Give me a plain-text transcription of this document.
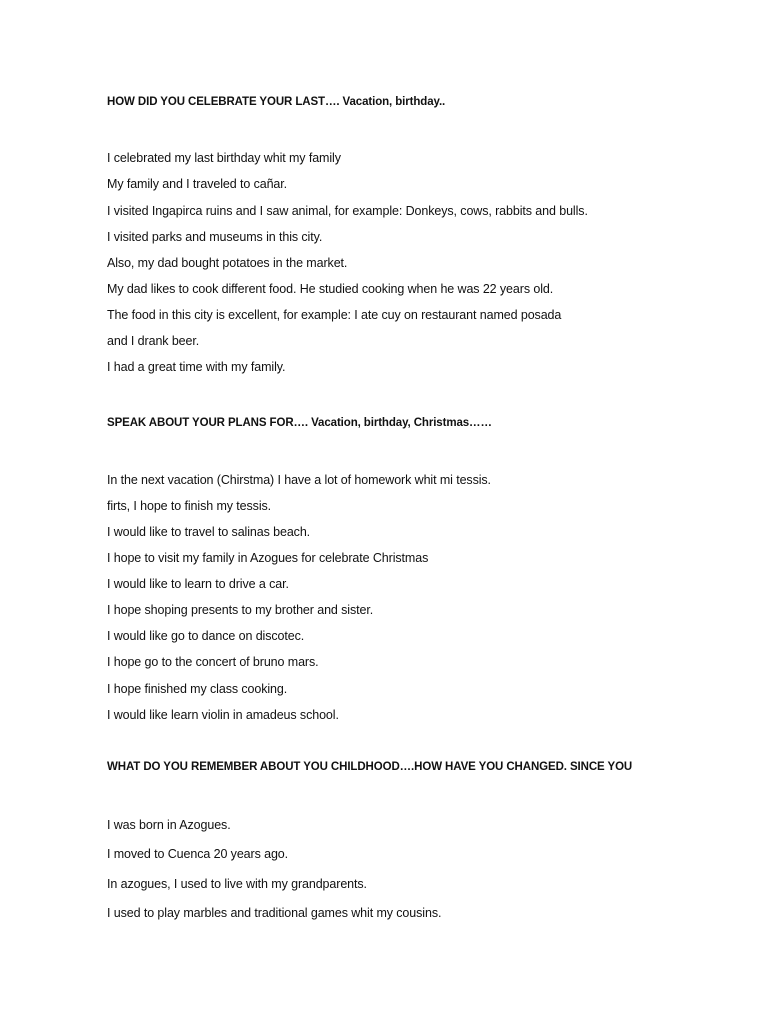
HOW DID YOU CELEBRATE YOUR LAST…. Vacation, birthday..
I celebrated my last birthday whit my family
My family and I traveled to cañar.
I visited Ingapirca ruins and I saw animal, for example: Donkeys, cows, rabbits and bulls.
I visited parks and museums in this city.
Also, my dad bought potatoes in the market.
My dad likes to cook different food. He studied cooking when he was 22 years old.
The food in this city is excellent, for example: I ate cuy on restaurant named posada
and I drank beer.
I had a great time with my family.
SPEAK ABOUT YOUR PLANS FOR…. Vacation, birthday, Christmas……
In the next vacation (Chirstma) I have a lot of homework whit mi tessis.
firts, I hope to finish my tessis.
I would like to travel to salinas beach.
I hope to visit my family in Azogues for celebrate Christmas
I would like to learn to drive a car.
I hope shoping presents to my brother and sister.
I would like go to dance on discotec.
I hope go to the concert of bruno mars.
I hope finished my class cooking.
I would like learn violin in amadeus school.
WHAT DO YOU REMEMBER ABOUT YOU CHILDHOOD….HOW HAVE YOU CHANGED. SINCE YOU
I was born in Azogues.
I moved to Cuenca 20 years ago.
In azogues, I used to live with my grandparents.
I used to play marbles and traditional games whit my cousins.
